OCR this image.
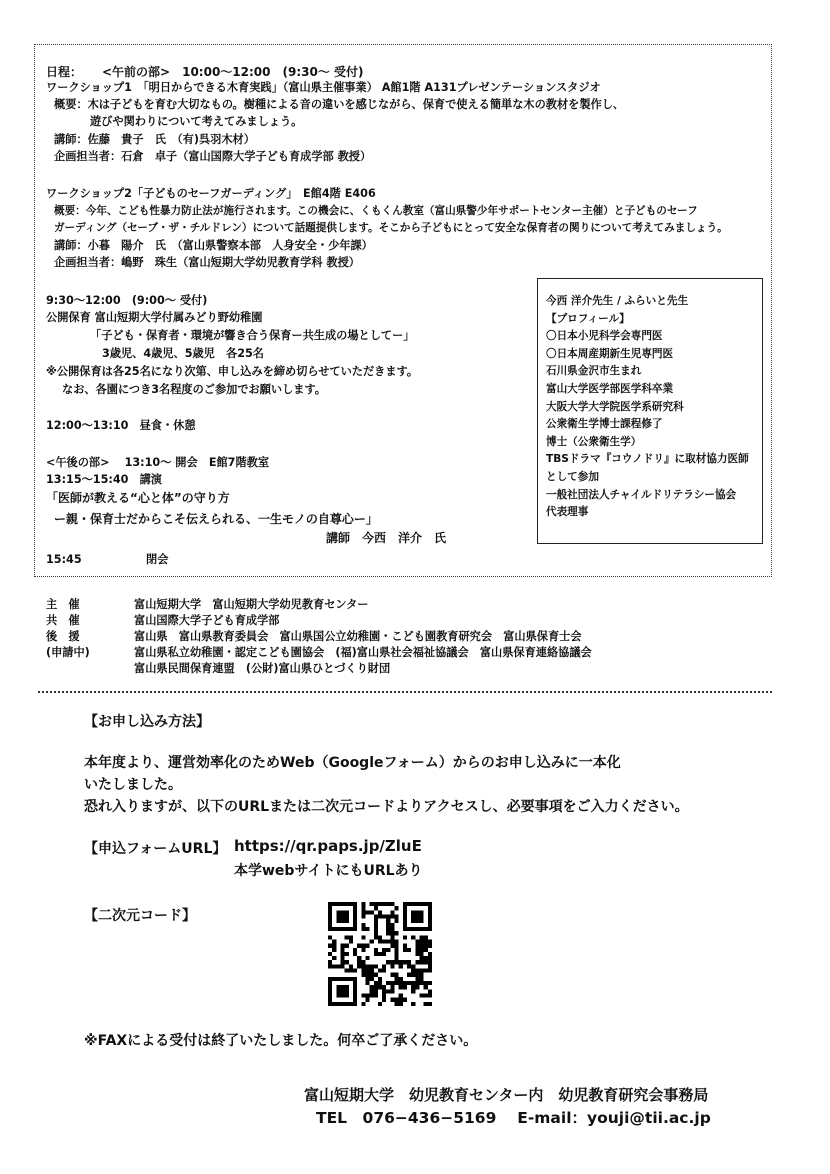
日程： <午前の部>　10:00〜12:00　(9:30〜 受付)
ワークショップ1　「明日からできる木育実践」（富山県主催事業） A館1階 A131プレゼンテーションスタジオ
概要：木は子どもを育む大切なもの。樹種による音の違いを感じながら、保育で使える簡単な木の教材を製作し、
遊びや関わりについて考えてみましょう。
講師：佐藤　貴子　氏　（有)呉羽木材）
企画担当者：石倉　卓子（富山国際大学子ども育成学部 教授）
ワークショップ2「子どものセーフガーディング」　E館4階 E406
概要：今年、こども性暴力防止法が施行されます。この機会に、くもくん教室（富山県警少年サポートセンター主催）と子どものセーフ
ガーディング（セーブ・ザ・チルドレン）について話題提供します。そこから子どもにとって安全な保育者の関りについて考えてみましょう。
講師：小暮　陽介　氏　（富山県警察本部　人身安全・少年課）
企画担当者：嶋野　珠生（富山短期大学幼児教育学科 教授）
9:30〜12:00　(9:00〜 受付)
公開保育 富山短期大学付属みどり野幼稚園
「子ども・保育者・環境が響き合う保育ー共生成の場としてー」
3歳児、4歳児、5歳児　各25名
※公開保育は各25名になり次第、申し込みを締め切らせていただきます。
なお、各園につき3名程度のご参加でお願いします。
12:00〜13:10　昼食・休憩
<午後の部>　 13:10〜 開会　E館7階教室
13:15〜15:40　講演
「医師が教える“心と体”の守り方
ー親・保育士だからこそ伝えられる、一生モノの自尊心ー」
講師　今西　洋介　氏
15:45	閉会
今西 洋介先生 / ふらいと先生
【プロフィール】
〇日本小児科学会専門医
〇日本周産期新生児専門医
石川県金沢市生まれ
富山大学医学部医学科卒業
大阪大学大学院医学系研究科
公衆衛生学博士課程修了
博士（公衆衛生学）
TBSドラマ『コウノドリ』に取材協力医師
として参加
一般社団法人チャイルドリテラシー協会
代表理事
主　催	富山短期大学　富山短期大学幼児教育センター
共　催	富山国際大学子ども育成学部
後　援	富山県　富山県教育委員会　富山県国公立幼稚園・こども園教育研究会　富山県保育士会
(申請中)	富山県私立幼稚園・認定こども園協会　(福)富山県社会福祉協議会　富山県保育連絡協議会
富山県民間保育連盟　(公財)富山県ひとづくり財団
【お申し込み方法】
本年度より、運営効率化のためWeb（Googleフォーム）からのお申し込みに一本化
いたしました。
恐れ入りますが、以下のURLまたは二次元コードよりアクセスし、必要事項をご入力ください。
【申込フォームURL】 https://qr.paps.jp/ZluE
本学webサイトにもURLあり
【二次元コード】
※FAXによる受付は終了いたしました。何卒ご了承ください。
富山短期大学　幼児教育センター内　幼児教育研究会事務局
TEL　076−436−5169　 E-mail：youji@tii.ac.jp
